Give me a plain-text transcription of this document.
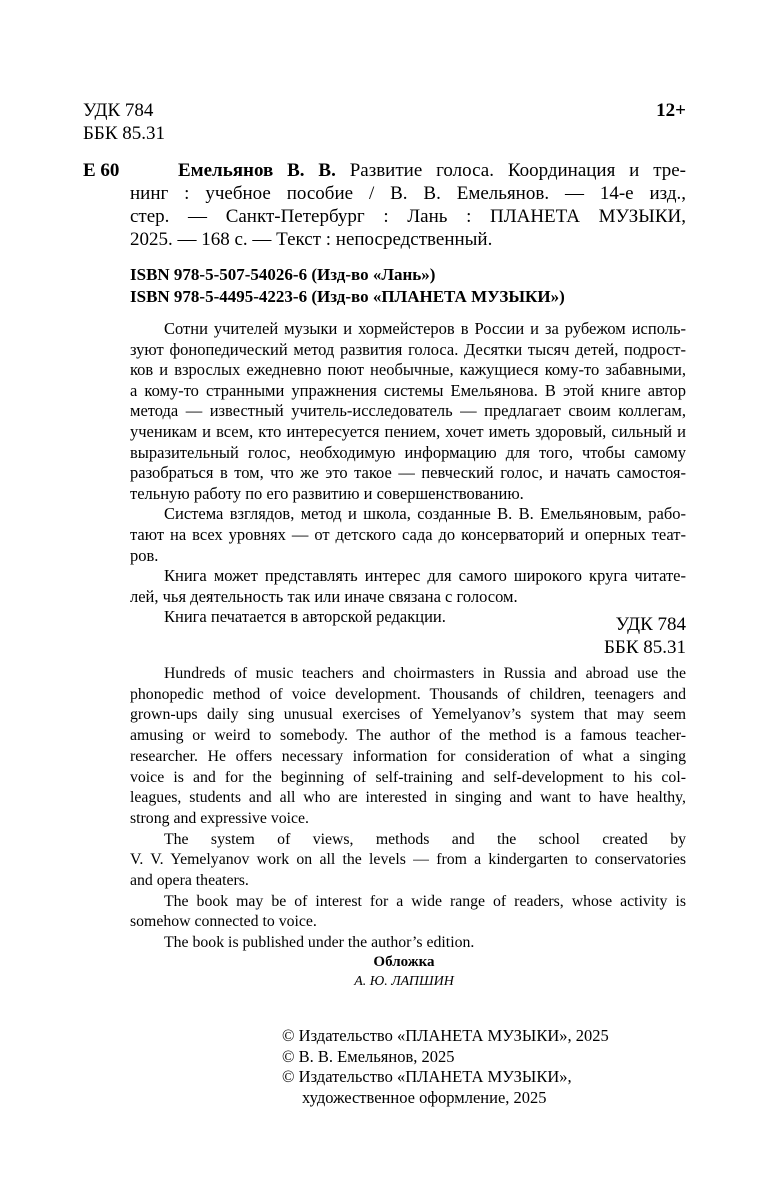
УДК 784
ББК 85.31
12+
Е 60	Емельянов В. В. Развитие голоса. Координация и тре-

нинг : учебное пособие / В. В. Емельянов. — 14-е изд.,

стер. — Санкт-Петербург : Лань : ПЛАНЕТА МУЗЫКИ,

2025. — 168 с. — Текст : непосредственный.

ISBN 978-5-507-54026-6 (Изд-во «Лань»)

ISBN 978-5-4495-4223-6 (Изд-во «ПЛАНЕТА МУЗЫКИ»)

Сотни учителей музыки и хормейстеров в России и за рубежом исполь-

зуют фонопедический метод развития голоса. Десятки тысяч детей, подрост-

ков и взрослых ежедневно поют необычные, кажущиеся кому-то забавными,

а кому-то странными упражнения системы Емельянова. В этой книге автор

метода — известный учитель-исследователь — предлагает своим коллегам,

ученикам и всем, кто интересуется пением, хочет иметь здоровый, сильный и

выразительный голос, необходимую информацию для того, чтобы самому

разобраться в том, что же это такое — певческий голос, и начать самостоя-

тельную работу по его развитию и совершенствованию.

Система взглядов, метод и школа, созданные В. В. Емельяновым, рабо-

тают на всех уровнях — от детского сада до консерваторий и оперных теат-

ров.

Книга может представлять интерес для самого широкого круга читате-

лей, чья деятельность так или иначе связана с голосом.

Книга печатается в авторской редакции.	УДК 784

ББК 85.31

Hundreds of music teachers and choirmasters in Russia and abroad use the

phonopedic method of voice development. Thousands of children, teenagers and

grown-ups daily sing unusual exercises of Yemelyanov’s system that may seem

amusing or weird to somebody. The author of the method is a famous teacher-

researcher. He offers necessary information for consideration of what a singing

voice is and for the beginning of self-training and self-development to his col-

leagues, students and all who are interested in singing and want to have healthy,

strong and expressive voice.

The system of views, methods and the school created by

V. V. Yemelyanov work on all the levels — from a kindergarten to conservatories

and opera theaters.

The book may be of interest for a wide range of readers, whose activity is

somehow connected to voice.

The book is published under the author’s edition.

Обложка

А. Ю. ЛАПШИН

© Издательство «ПЛАНЕТА МУЗЫКИ», 2025

© В. В. Емельянов, 2025

© Издательство «ПЛАНЕТА МУЗЫКИ»,

художественное оформление, 2025
